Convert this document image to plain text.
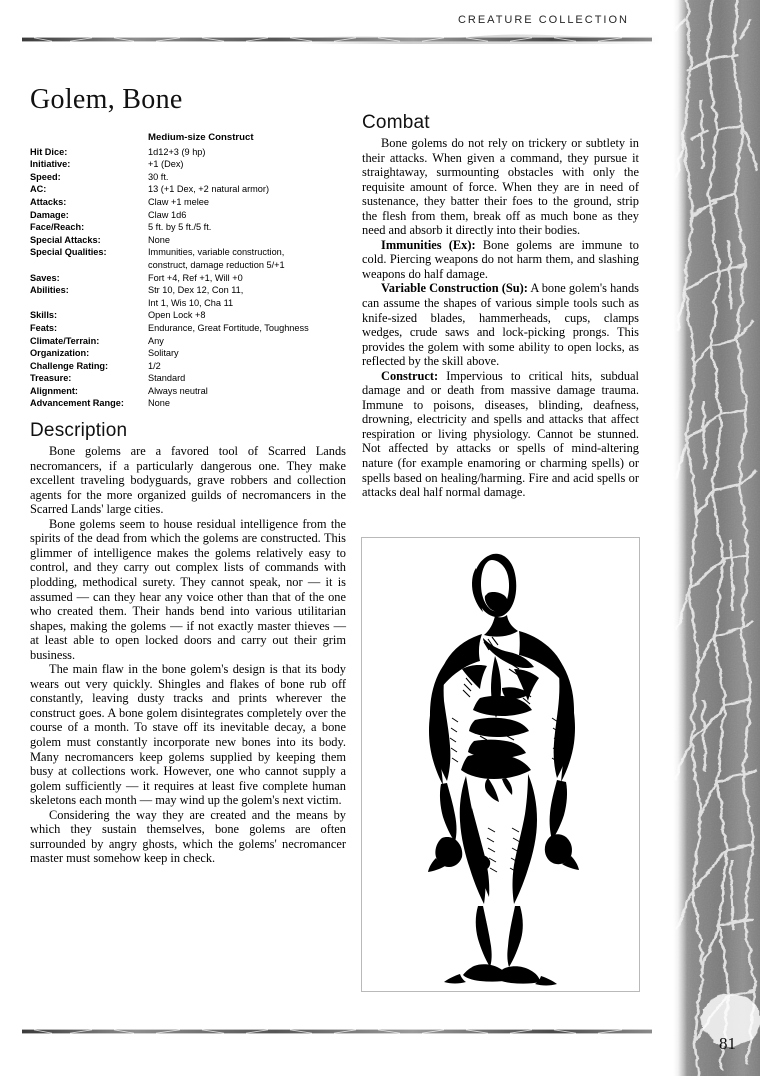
CREATURE COLLECTION
Golem, Bone
Medium-size Construct
Hit Dice:	1d12+3 (9 hp)
Initiative:	+1 (Dex)
Speed:	30 ft.
AC:	13 (+1 Dex, +2 natural armor)
Attacks:	Claw +1 melee
Damage:	Claw 1d6
Face/Reach:	5 ft. by 5 ft./5 ft.
Special Attacks:	None
Special Qualities:	Immunities, variable construction,
construct, damage reduction 5/+1
Saves:	Fort +4, Ref +1, Will +0
Abilities:	Str 10, Dex 12, Con 11,
Int 1, Wis 10, Cha 11
Skills:	Open Lock +8
Feats:	Endurance, Great Fortitude, Toughness
Climate/Terrain:	Any
Organization:	Solitary
Challenge Rating:	1/2
Treasure:	Standard
Alignment:	Always neutral
Advancement Range:	None
Description

Bone golems are a favored tool of Scarred Lands necromancers, if a particularly dangerous one. They make excellent traveling bodyguards, grave robbers and collection agents for the more organized guilds of necromancers in the Scarred Lands' large cities.

Bone golems seem to house residual intelligence from the spirits of the dead from which the golems are constructed. This glimmer of intelligence makes the golems relatively easy to control, and they carry out complex lists of commands with plodding, methodical surety. They cannot speak, nor — it is assumed — can they hear any voice other than that of the one who created them. Their hands bend into various utilitarian shapes, making the golems — if not exactly master thieves — at least able to open locked doors and carry out their grim business.

The main flaw in the bone golem's design is that its body wears out very quickly. Shingles and flakes of bone rub off constantly, leaving dusty tracks and prints wherever the construct goes. A bone golem disintegrates completely over the course of a month. To stave off its inevitable decay, a bone golem must constantly incorporate new bones into its body. Many necromancers keep golems supplied by keeping them busy at collections work. However, one who cannot supply a golem sufficiently — it requires at least five complete human skeletons each month — may wind up the golem's next victim.

Considering the way they are created and the means by which they sustain themselves, bone golems are often surrounded by angry ghosts, which the golems' necromancer master must somehow keep in check.

Combat

Bone golems do not rely on trickery or subtlety in their attacks. When given a command, they pursue it straightaway, surmounting obstacles with only the requisite amount of force. When they are in need of sustenance, they batter their foes to the ground, strip the flesh from them, break off as much bone as they need and absorb it directly into their bodies.

Immunities (Ex): Bone golems are immune to cold. Piercing weapons do not harm them, and slashing weapons do half damage.

Variable Construction (Su): A bone golem's hands can assume the shapes of various simple tools such as knife-sized blades, hammerheads, cups, clamps wedges, crude saws and lock-picking prongs. This provides the golem with some ability to open locks, as reflected by the skill above.

Construct: Impervious to critical hits, subdual damage and or death from massive damage trauma. Immune to poisons, diseases, blinding, deafness, drowning, electricity and spells and attacks that affect respiration or living physiology. Cannot be stunned. Not affected by attacks or spells of mind-altering nature (for example enamoring or charming spells) or spells based on healing/harming. Fire and acid spells or attacks deal half normal damage.

81
